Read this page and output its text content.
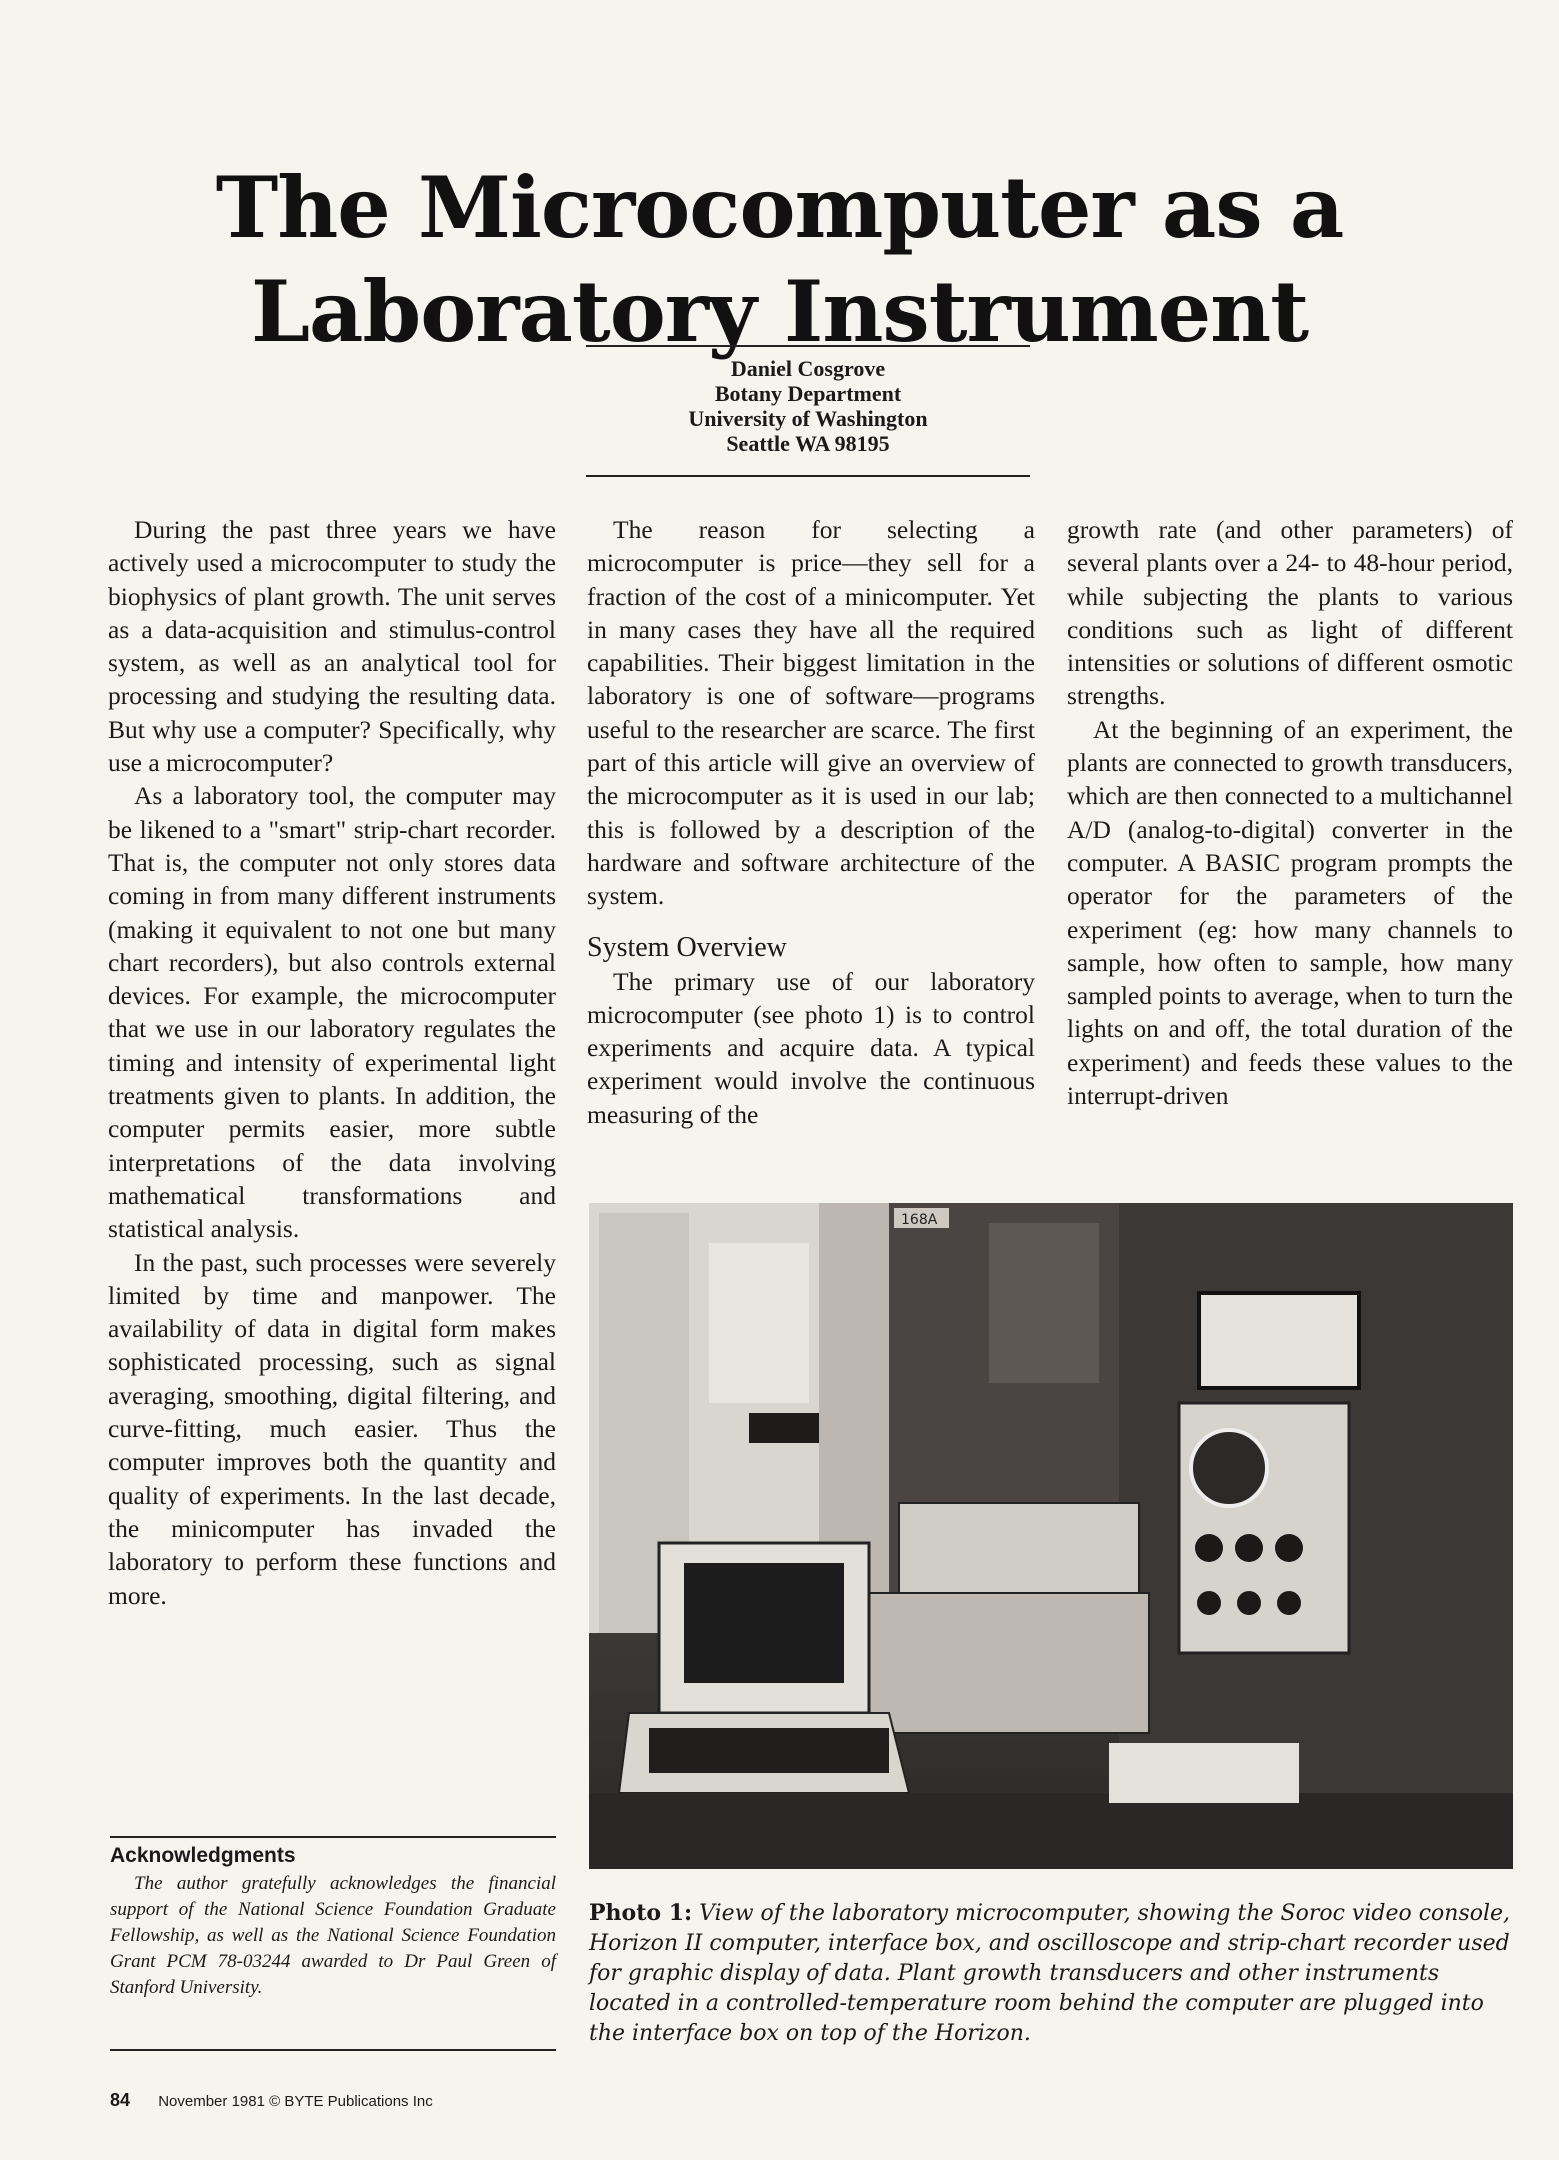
The Microcomputer as a Laboratory Instrument
Daniel Cosgrove
Botany Department
University of Washington
Seattle WA 98195

During the past three years we have actively used a microcomputer to study the biophysics of plant growth. The unit serves as a data-acquisition and stimulus-control system, as well as an analytical tool for processing and studying the resulting data. But why use a computer? Specifically, why use a microcomputer?

As a laboratory tool, the computer may be likened to a "smart" strip-chart recorder. That is, the computer not only stores data coming in from many different instruments (making it equivalent to not one but many chart recorders), but also controls external devices. For example, the microcomputer that we use in our laboratory regulates the timing and intensity of experimental light treatments given to plants. In addition, the computer permits easier, more subtle interpretations of the data involving mathematical transformations and statistical analysis.

In the past, such processes were severely limited by time and manpower. The availability of data in digital form makes sophisticated processing, such as signal averaging, smoothing, digital filtering, and curve-fitting, much easier. Thus the computer improves both the quantity and quality of experiments. In the last decade, the minicomputer has invaded the laboratory to perform these functions and more.

The reason for selecting a microcomputer is price—they sell for a fraction of the cost of a minicomputer. Yet in many cases they have all the required capabilities. Their biggest limitation in the laboratory is one of software—programs useful to the researcher are scarce. The first part of this article will give an overview of the microcomputer as it is used in our lab; this is followed by a description of the hardware and software architecture of the system.

System Overview

The primary use of our laboratory microcomputer (see photo 1) is to control experiments and acquire data. A typical experiment would involve the continuous measuring of the

growth rate (and other parameters) of several plants over a 24- to 48-hour period, while subjecting the plants to various conditions such as light of different intensities or solutions of different osmotic strengths.

At the beginning of an experiment, the plants are connected to growth transducers, which are then connected to a multichannel A/D (analog-to-digital) converter in the computer. A BASIC program prompts the operator for the parameters of the experiment (eg: how many channels to sample, how often to sample, how many sampled points to average, when to turn the lights on and off, the total duration of the experiment) and feeds these values to the interrupt-driven

Acknowledgments

The author gratefully acknowledges the financial support of the National Science Foundation Graduate Fellowship, as well as the National Science Foundation Grant PCM 78-03244 awarded to Dr Paul Green of Stanford University.

168A
Photo 1: View of the laboratory microcomputer, showing the Soroc video console, Horizon II computer, interface box, and oscilloscope and strip-chart recorder used for graphic display of data. Plant growth transducers and other instruments located in a controlled-temperature room behind the computer are plugged into the interface box on top of the Horizon.
84 November 1981 © BYTE Publications Inc
